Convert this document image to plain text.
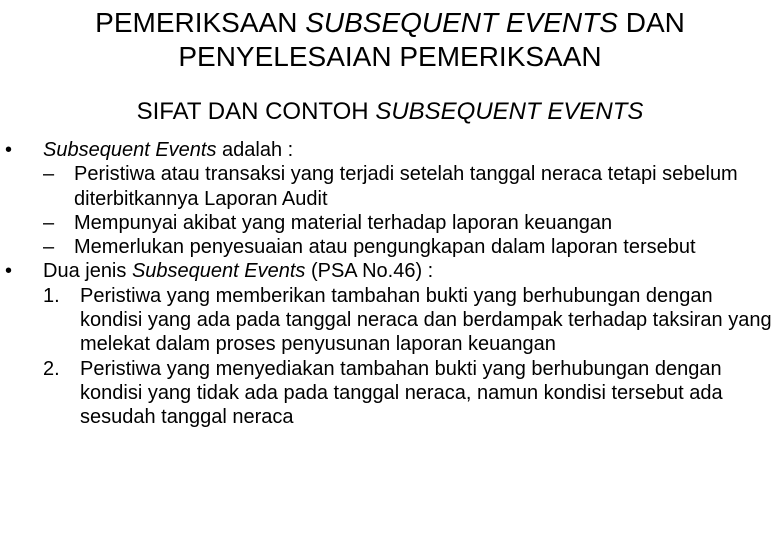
PEMERIKSAAN SUBSEQUENT EVENTS DAN
PENYELESAIAN PEMERIKSAAN
SIFAT DAN CONTOH SUBSEQUENT EVENTS
• Subsequent Events adalah :
– Peristiwa atau transaksi yang terjadi setelah tanggal neraca tetapi sebelum diterbitkannya Laporan Audit
– Mempunyai akibat yang material terhadap laporan keuangan
– Memerlukan penyesuaian atau pengungkapan dalam laporan tersebut
• Dua jenis Subsequent Events (PSA No.46) :
1. Peristiwa yang memberikan tambahan bukti yang berhubungan dengan kondisi yang ada pada tanggal neraca dan berdampak terhadap taksiran yang melekat dalam proses penyusunan laporan keuangan
2. Peristiwa yang menyediakan tambahan bukti yang berhubungan dengan kondisi yang tidak ada pada tanggal neraca, namun kondisi tersebut ada sesudah tanggal neraca
